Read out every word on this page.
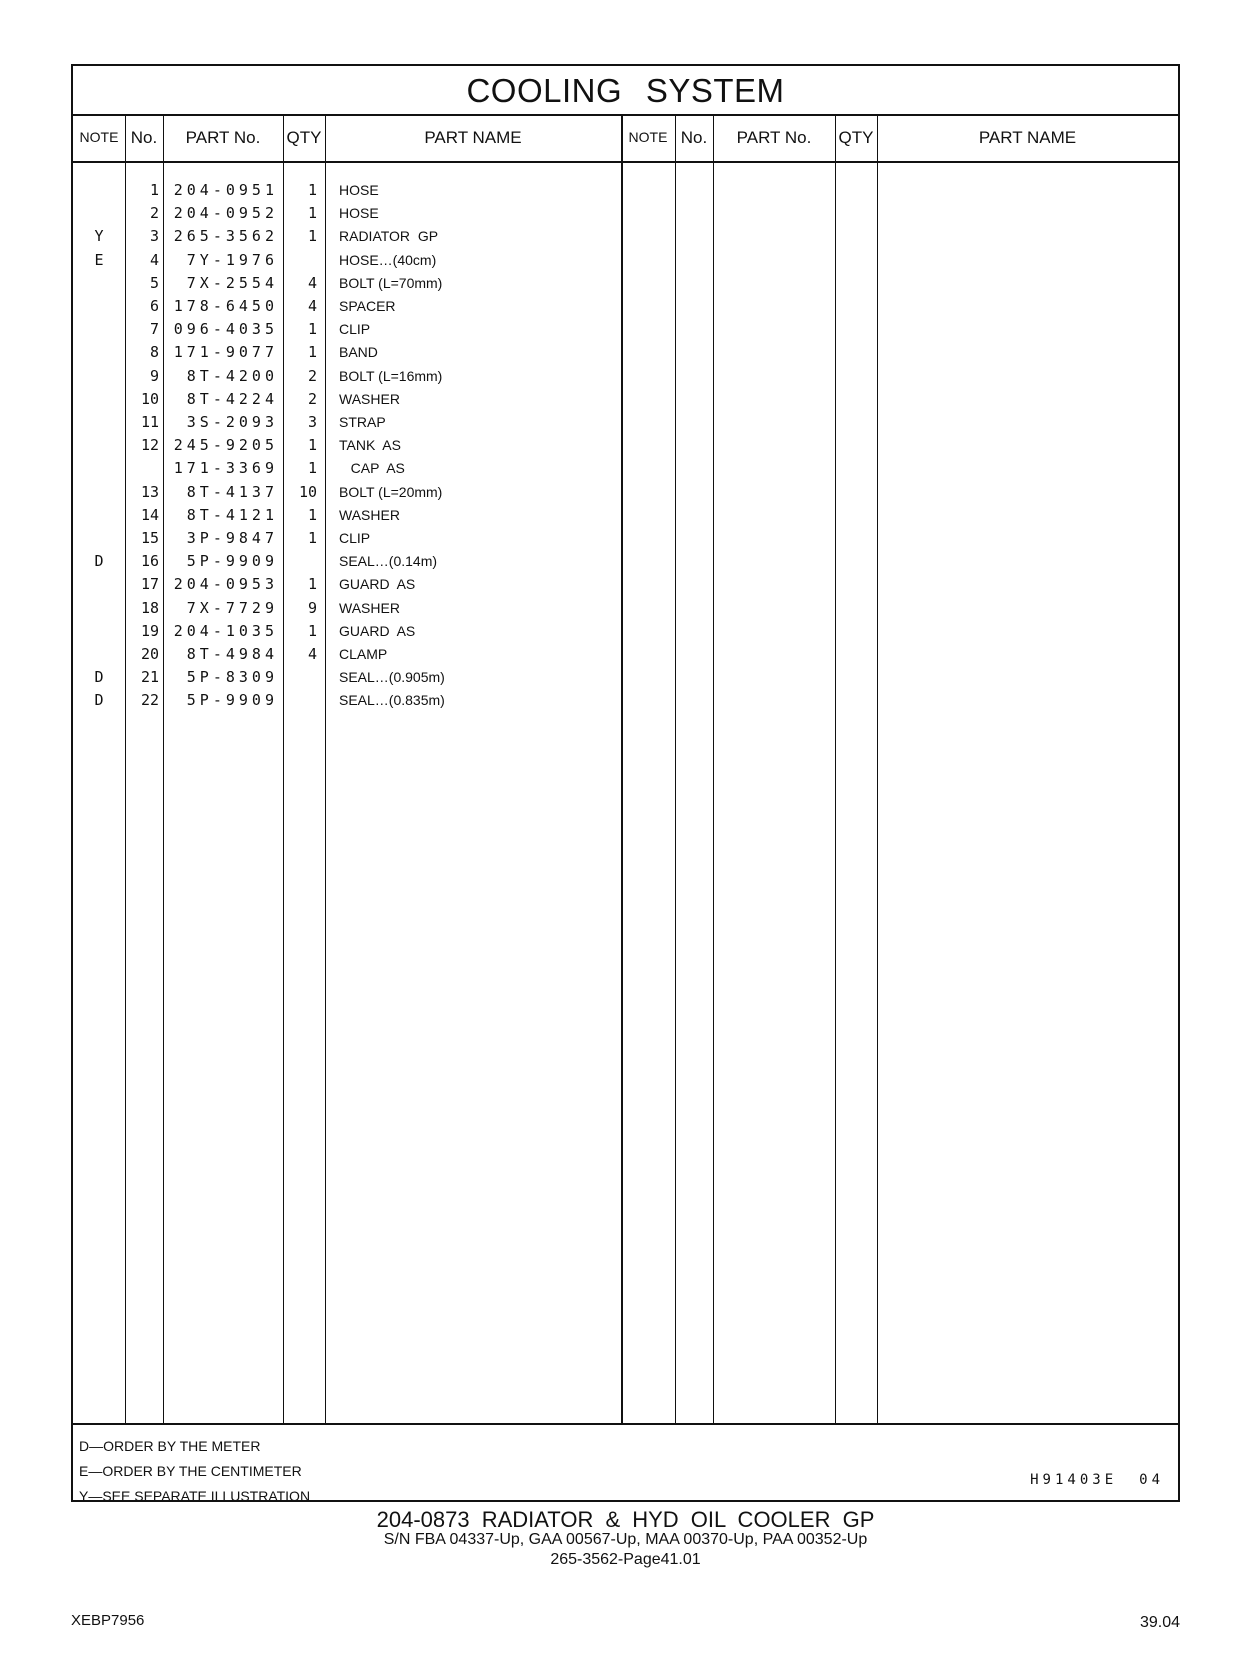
COOLING SYSTEM
NOTE No.	PART No.	QTY	PART NAME	NOTE No.	PART No.	QTY	PART NAME
1 204-0951	1 HOSE
2 204-0952	1 HOSE
Y	3 265-3562	1 RADIATOR  GP
E	4	7Y-1976	HOSE…(40cm)
5	7X-2554	4 BOLT (L=70mm)
6 178-6450	4 SPACER
7 096-4035	1 CLIP
8 171-9077	1 BAND
9	8T-4200	2 BOLT (L=16mm)
10	8T-4224	2 WASHER
11	3S-2093	3 STRAP
12 245-9205	1 TANK  AS
171-3369	1 CAP  AS
13	8T-4137	10 BOLT (L=20mm)
14	8T-4121	1 WASHER
15	3P-9847	1 CLIP
D	16	5P-9909	SEAL…(0.14m)
17 204-0953	1 GUARD  AS
18	7X-7729	9 WASHER
19 204-1035	1 GUARD  AS
20	8T-4984	4 CLAMP
D	21	5P-8309	SEAL…(0.905m)
D	22	5P-9909	SEAL…(0.835m)
D—ORDER BY THE METER
E—ORDER BY THE CENTIMETER
Y—SEE SEPARATE ILLUSTRATION
H91403E 04
204-0873 RADIATOR & HYD OIL COOLER GP
S/N FBA 04337-Up, GAA 00567-Up, MAA 00370-Up, PAA 00352-Up
265-3562-Page41.01
XEBP7956	39.04
